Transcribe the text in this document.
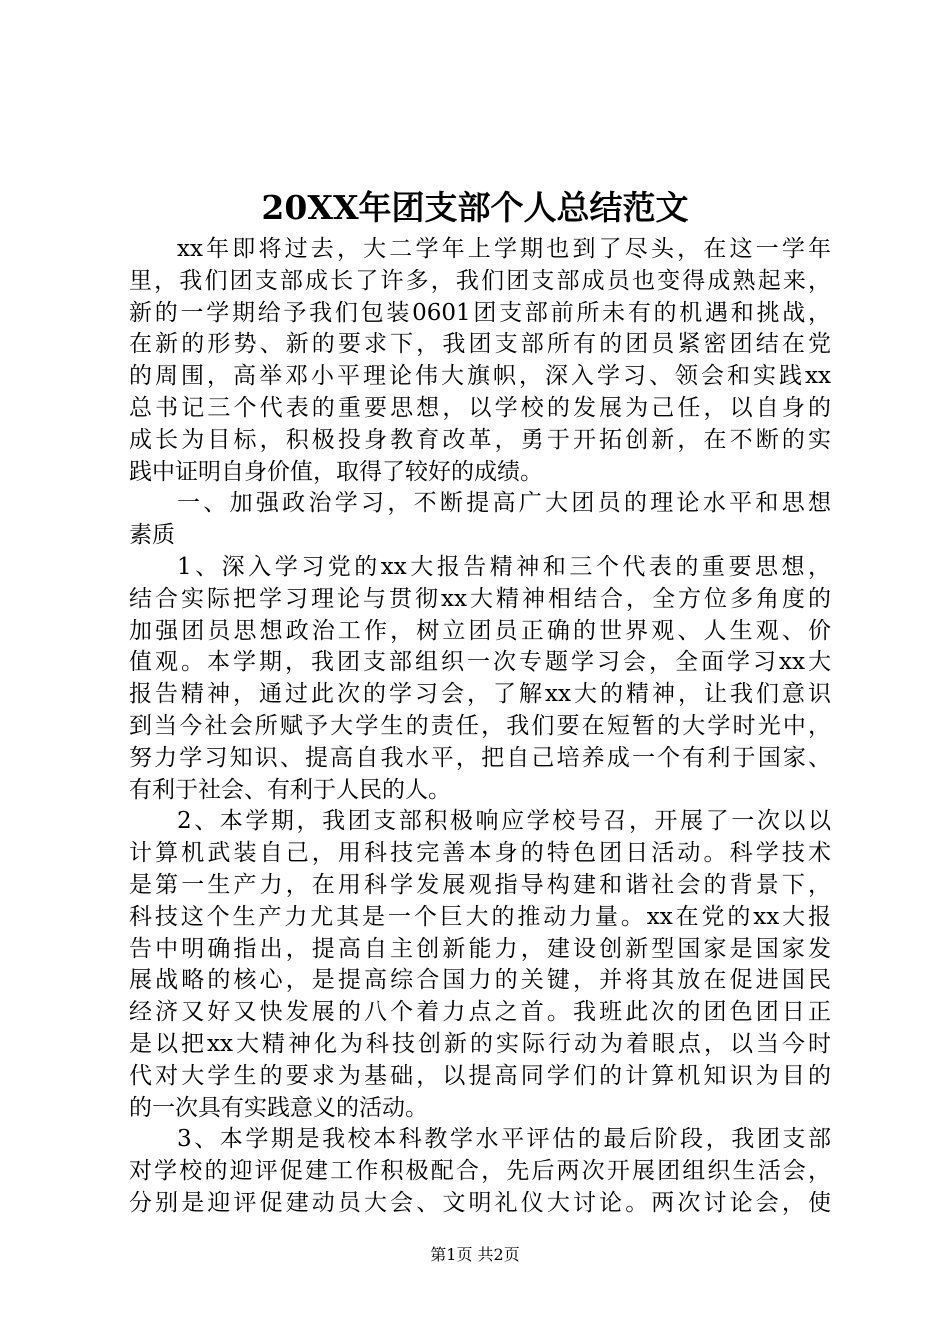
20XX年团支部个人总结范文
xx年即将过去，大二学年上学期也到了尽头，在这一学年
里，我们团支部成长了许多，我们团支部成员也变得成熟起来，
新的一学期给予我们包装0601团支部前所未有的机遇和挑战，
在新的形势、新的要求下，我团支部所有的团员紧密团结在党
的周围，高举邓小平理论伟大旗帜，深入学习、领会和实践xx
总书记三个代表的重要思想，以学校的发展为己任，以自身的
成长为目标，积极投身教育改革，勇于开拓创新，在不断的实
践中证明自身价值，取得了较好的成绩。
一、加强政治学习，不断提高广大团员的理论水平和思想
素质
1、深入学习党的xx大报告精神和三个代表的重要思想，
结合实际把学习理论与贯彻xx大精神相结合，全方位多角度的
加强团员思想政治工作，树立团员正确的世界观、人生观、价
值观。本学期，我团支部组织一次专题学习会，全面学习xx大
报告精神，通过此次的学习会，了解xx大的精神，让我们意识
到当今社会所赋予大学生的责任，我们要在短暂的大学时光中，
努力学习知识、提高自我水平，把自己培养成一个有利于国家、
有利于社会、有利于人民的人。
2、本学期，我团支部积极响应学校号召，开展了一次以以
计算机武装自己，用科技完善本身的特色团日活动。科学技术
是第一生产力，在用科学发展观指导构建和谐社会的背景下，
科技这个生产力尤其是一个巨大的推动力量。xx在党的xx大报
告中明确指出，提高自主创新能力，建设创新型国家是国家发
展战略的核心，是提高综合国力的关键，并将其放在促进国民
经济又好又快发展的八个着力点之首。我班此次的团色团日正
是以把xx大精神化为科技创新的实际行动为着眼点，以当今时
代对大学生的要求为基础，以提高同学们的计算机知识为目的
的一次具有实践意义的活动。
3、本学期是我校本科教学水平评估的最后阶段，我团支部
对学校的迎评促建工作积极配合，先后两次开展团组织生活会，
分别是迎评促建动员大会、文明礼仪大讨论。两次讨论会，使
第1页 共2页
